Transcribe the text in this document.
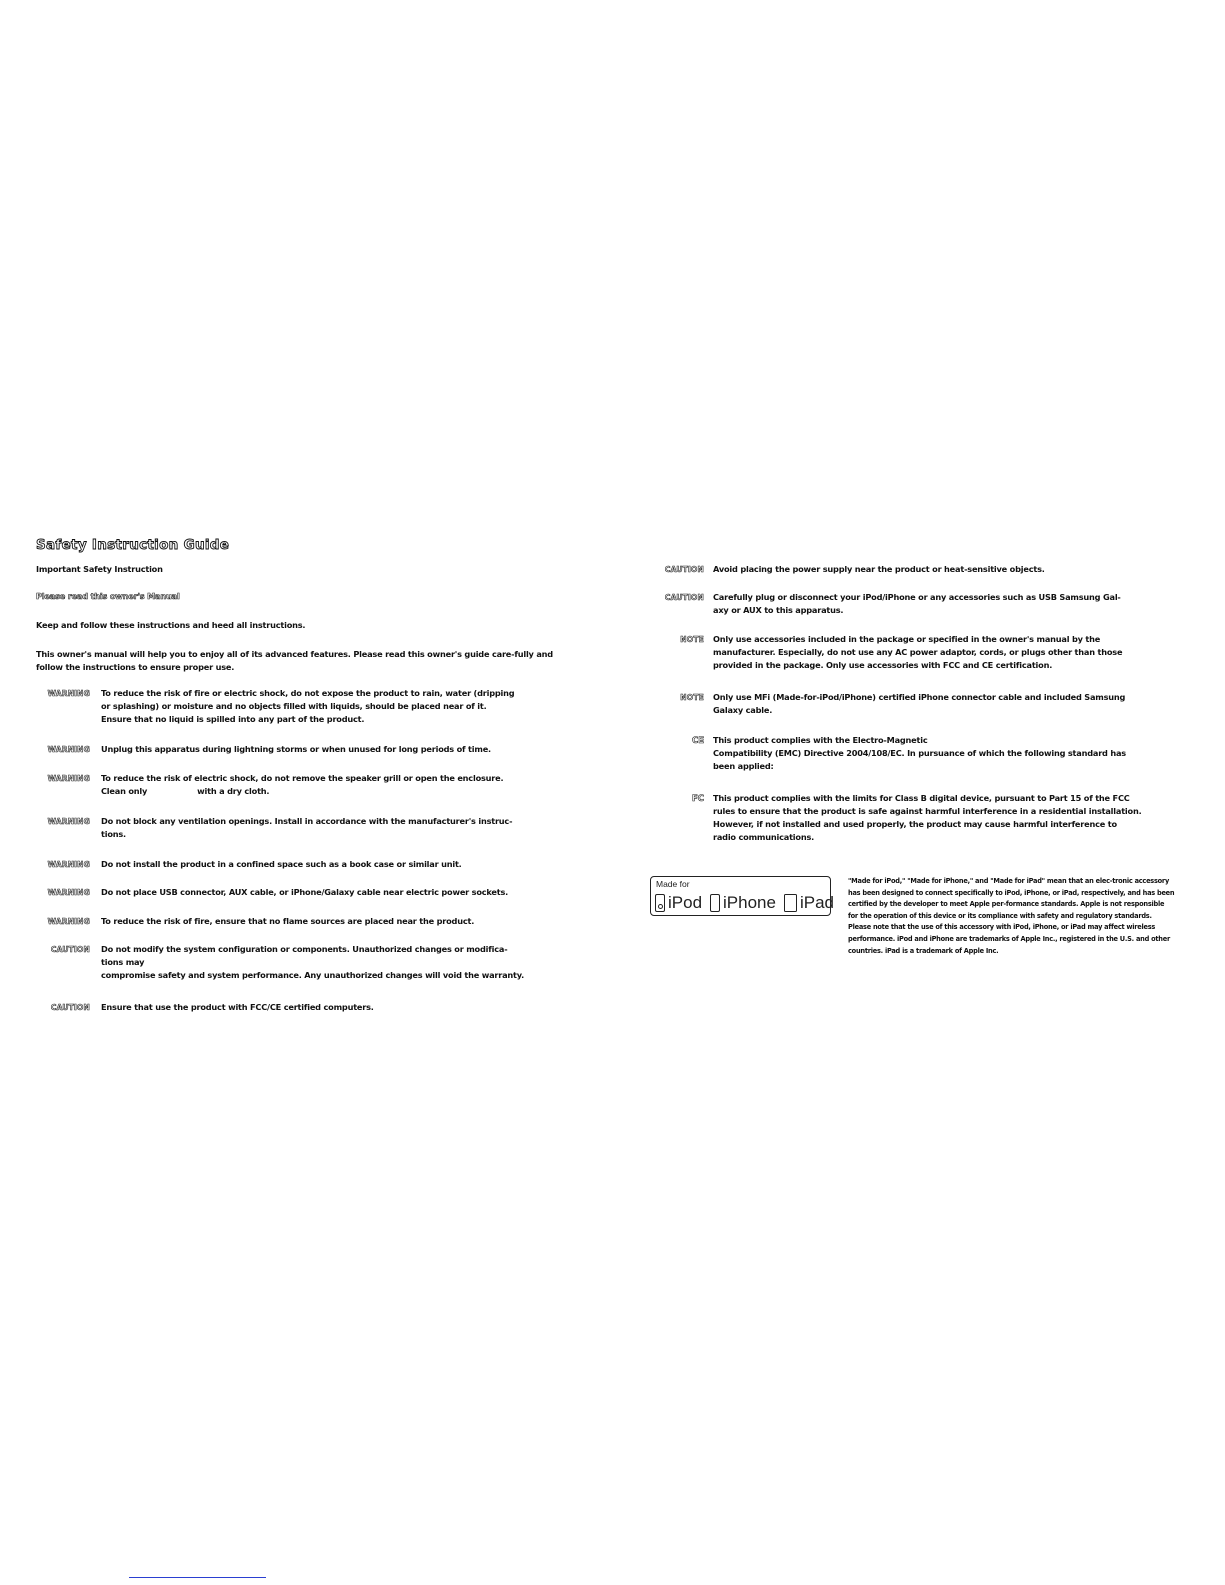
Safety Instruction Guide

Important Safety Instruction

Please read this owner's Manual

Keep and follow these instructions and heed all instructions.

This owner's manual will help you to enjoy all of its advanced features. Please read this owner's guide care-fully and follow the instructions to ensure proper use.

WARNING To reduce the risk of fire or electric shock, do not expose the product to rain, water (dripping
or splashing) or moisture and no objects filled with liquids, should be placed near of it.
Ensure that no liquid is spilled into any part of the product.
WARNING Unplug this apparatus during lightning storms or when unused for long periods of time.
WARNING To reduce the risk of electric shock, do not remove the speaker grill or open the enclosure.
Clean only	with a dry cloth.
WARNING Do not block any ventilation openings. Install in accordance with the manufacturer's instruc-
tions.
WARNING Do not install the product in a confined space such as a book case or similar unit.
WARNING Do not place USB connector, AUX cable, or iPhone/Galaxy cable near electric power sockets.
WARNING To reduce the risk of fire, ensure that no flame sources are placed near the product.
CAUTION Do not modify the system configuration or components. Unauthorized changes or modifica-
tions may
compromise safety and system performance. Any unauthorized changes will void the warranty.
CAUTION Ensure that use the product with FCC/CE certified computers.
CAUTION Avoid placing the power supply near the product or heat-sensitive objects.
CAUTION Carefully plug or disconnect your iPod/iPhone or any accessories such as USB Samsung Gal-
axy or AUX to this apparatus.
NOTE Only use accessories included in the package or specified in the owner's manual by the
manufacturer. Especially, do not use any AC power adaptor, cords, or plugs other than those
provided in the package. Only use accessories with FCC and CE certification.
NOTE Only use MFi (Made-for-iPod/iPhone) certified iPhone connector cable and included Samsung
Galaxy cable.
CE This product complies with the Electro-Magnetic
Compatibility (EMC) Directive 2004/108/EC. In pursuance of which the following standard has
been applied:
FC This product complies with the limits for Class B digital device, pursuant to Part 15 of the FCC
rules to ensure that the product is safe against harmful interference in a residential installation.
However, if not installed and used properly, the product may cause harmful interference to
radio communications.
Made for
iPod iPhone iPad

"Made for iPod," "Made for iPhone," and "Made for iPad" mean that an elec-tronic accessory has been designed to connect specifically to iPod, iPhone, or iPad, respectively, and has been certified by the developer to meet Apple per-formance standards. Apple is not responsible for the operation of this device or its compliance with safety and regulatory standards. Please note that the use of this accessory with iPod, iPhone, or iPad may affect wireless performance. iPod and iPhone are trademarks of Apple Inc., registered in the U.S. and other countries. iPad is a trademark of Apple Inc.
